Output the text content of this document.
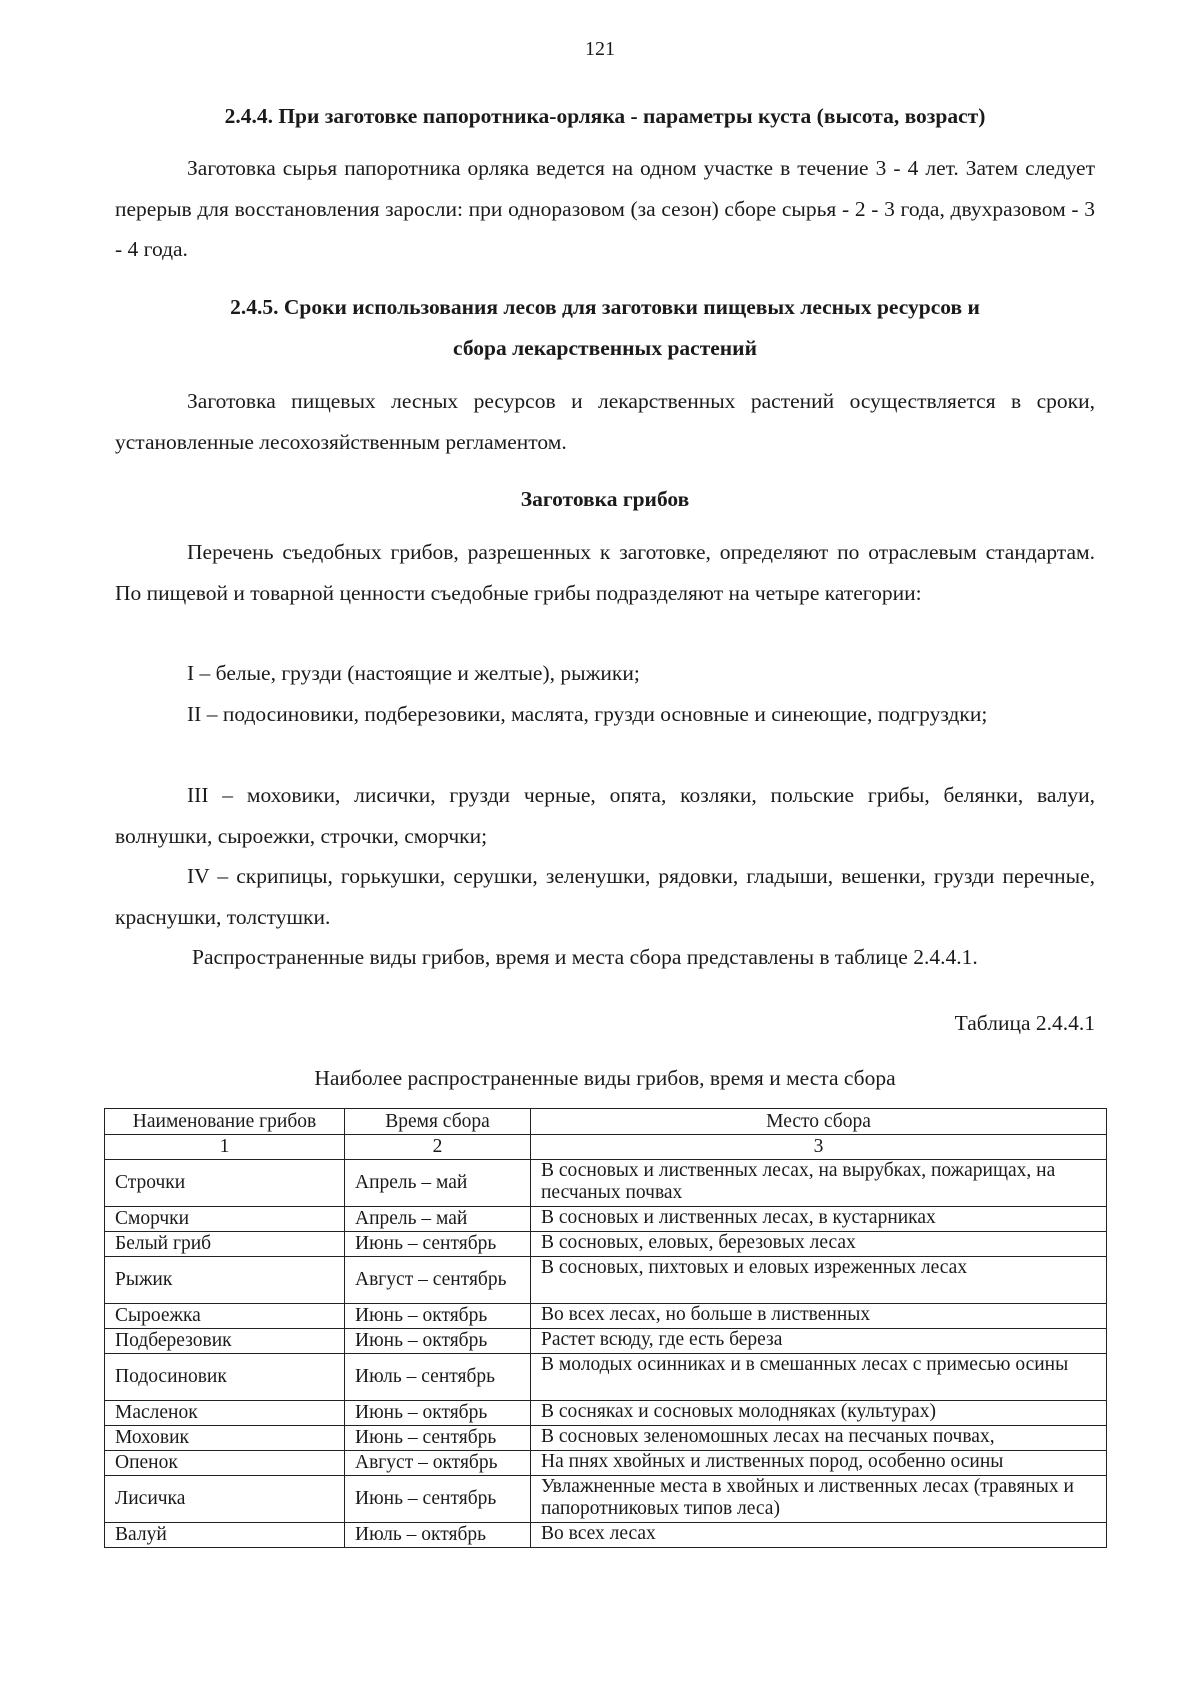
121
2.4.4. При заготовке папоротника-орляка - параметры куста (высота, возраст)

Заготовка сырья папоротника орляка ведется на одном участке в течение 3 - 4 лет. Затем следует перерыв для восстановления заросли: при одноразовом (за сезон) сборе сырья - 2 - 3 года, двухразовом - 3 - 4 года.

2.4.5. Сроки использования лесов для заготовки пищевых лесных ресурсов и
сбора лекарственных растений

Заготовка пищевых лесных ресурсов и лекарственных растений осуществляется в сроки, установленные лесохозяйственным регламентом.

Заготовка грибов

Перечень съедобных грибов, разрешенных к заготовке, определяют по отраслевым стандартам. По пищевой и товарной ценности съедобные грибы подразделяют на четыре категории:

I – белые, грузди (настоящие и желтые), рыжики;

II – подосиновики, подберезовики, маслята, грузди основные и синеющие, подгруздки;

III – моховики, лисички, грузди черные, опята, козляки, польские грибы, белянки, валуи, волнушки, сыроежки, строчки, сморчки;

IV – скрипицы, горькушки, серушки, зеленушки, рядовки, гладыши, вешенки, грузди перечные, краснушки, толстушки.

Распространенные виды грибов, время и места сбора представлены в таблице 2.4.4.1.

Таблица 2.4.4.1
Наиболее распространенные виды грибов, время и места сбора
Наименование грибов	Время сбора	Место сбора
1	2	3
Строчки	Апрель – май	В сосновых и лиственных лесах, на вырубках, пожарищах, на песчаных почвах
Сморчки	Апрель – май	В сосновых и лиственных лесах, в кустарниках
Белый гриб	Июнь – сентябрь	В сосновых, еловых, березовых лесах
Рыжик	Август – сентябрь	В сосновых, пихтовых и еловых изреженных лесах
Сыроежка	Июнь – октябрь	Во всех лесах, но больше в лиственных
Подберезовик	Июнь – октябрь	Растет всюду, где есть береза
Подосиновик	Июль – сентябрь	В молодых осинниках и в смешанных лесах с примесью осины
Масленок	Июнь – октябрь	В сосняках и сосновых молодняках (культурах)
Моховик	Июнь – сентябрь	В сосновых зеленомошных лесах на песчаных почвах,
Опенок	Август – октябрь	На пнях хвойных и лиственных пород, особенно осины
Лисичка	Июнь – сентябрь	Увлажненные места в хвойных и лиственных лесах (травяных и папоротниковых типов леса)
Валуй	Июль – октябрь	Во всех лесах
